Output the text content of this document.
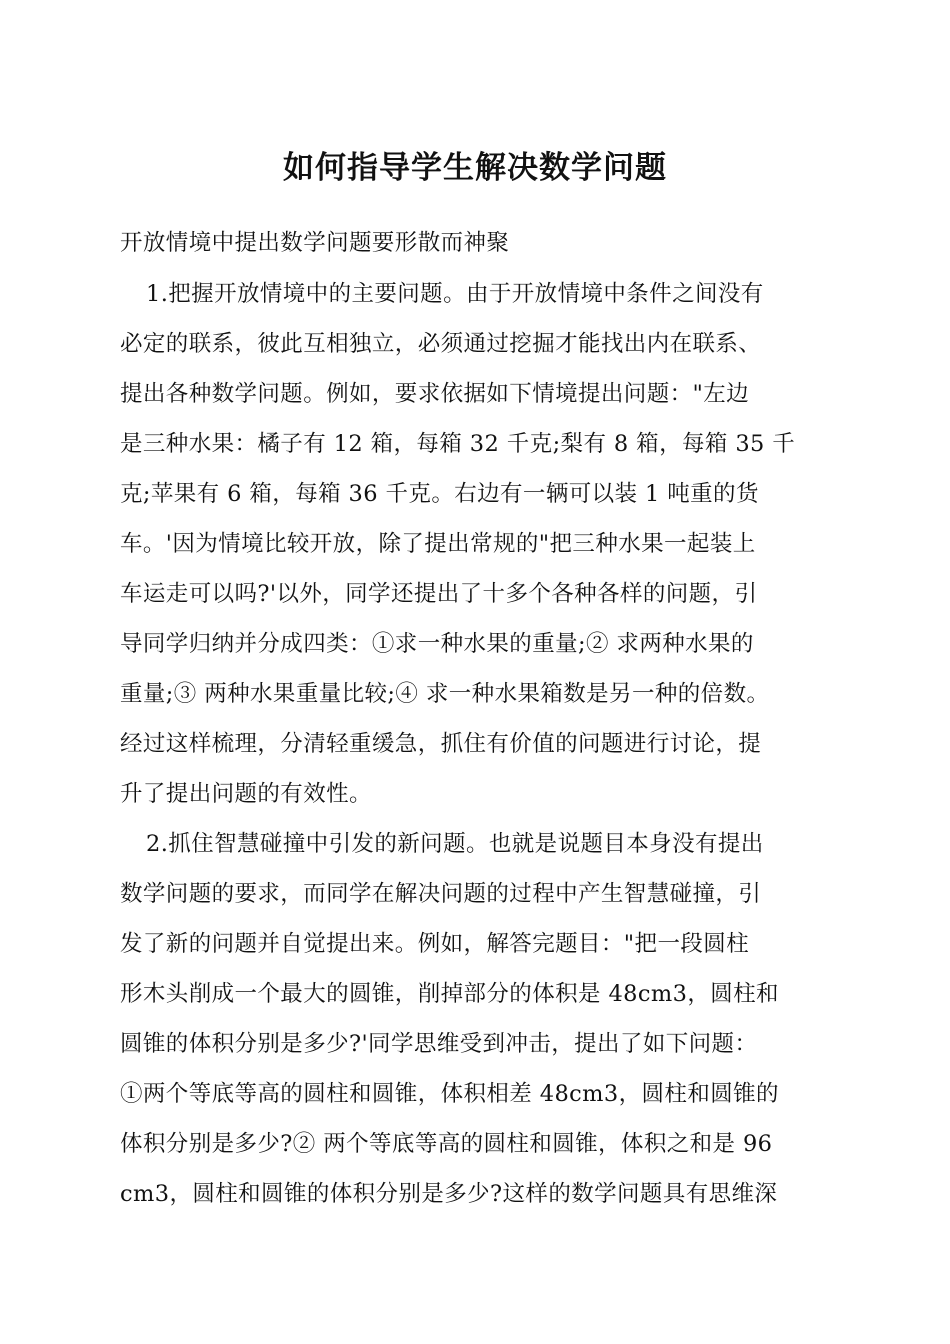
如何指导学生解决数学问题
开放情境中提出数学问题要形散而神聚
1.把握开放情境中的主要问题。由于开放情境中条件之间没有
必定的联系，彼此互相独立，必须通过挖掘才能找出内在联系、
提出各种数学问题。例如，要求依据如下情境提出问题："左边
是三种水果：橘子有 12 箱，每箱 32 千克;梨有 8 箱，每箱 35 千
克;苹果有 6 箱，每箱 36 千克。右边有一辆可以装 1 吨重的货
车。'因为情境比较开放，除了提出常规的"把三种水果一起装上
车运走可以吗?'以外，同学还提出了十多个各种各样的问题，引
导同学归纳并分成四类：①求一种水果的重量;② 求两种水果的
重量;③ 两种水果重量比较;④ 求一种水果箱数是另一种的倍数。
经过这样梳理，分清轻重缓急，抓住有价值的问题进行讨论，提
升了提出问题的有效性。
2.抓住智慧碰撞中引发的新问题。也就是说题目本身没有提出
数学问题的要求，而同学在解决问题的过程中产生智慧碰撞，引
发了新的问题并自觉提出来。例如，解答完题目："把一段圆柱
形木头削成一个最大的圆锥，削掉部分的体积是 48cm3，圆柱和
圆锥的体积分别是多少?'同学思维受到冲击，提出了如下问题：
①两个等底等高的圆柱和圆锥，体积相差 48cm3，圆柱和圆锥的
体积分别是多少?② 两个等底等高的圆柱和圆锥，体积之和是 96
cm3，圆柱和圆锥的体积分别是多少?这样的数学问题具有思维深
